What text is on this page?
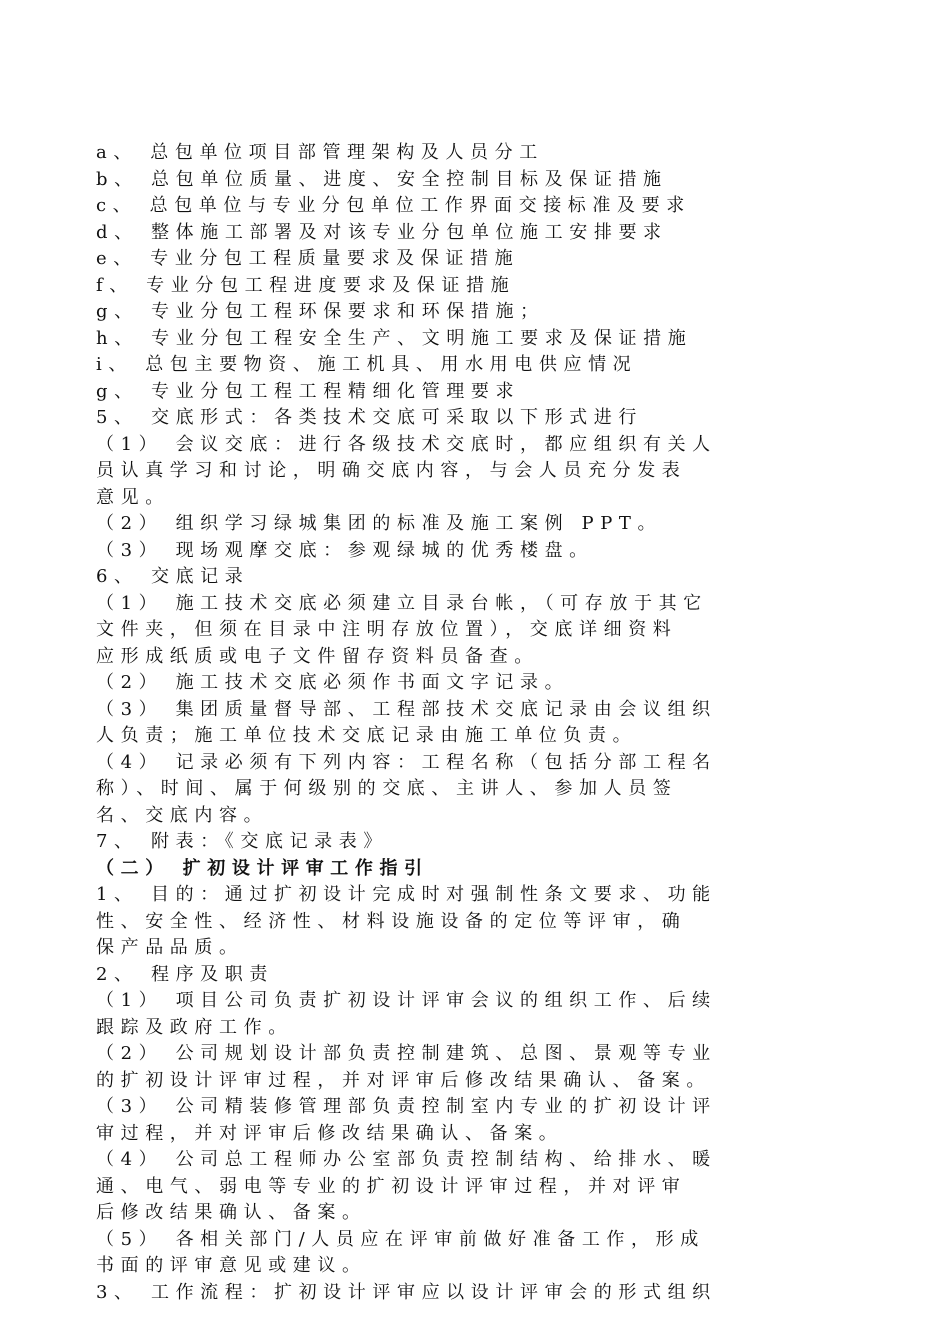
a、 总包单位项目部管理架构及人员分工
b、 总包单位质量、进度、安全控制目标及保证措施
c、 总包单位与专业分包单位工作界面交接标准及要求
d、 整体施工部署及对该专业分包单位施工安排要求
e、 专业分包工程质量要求及保证措施
f、 专业分包工程进度要求及保证措施
g、 专业分包工程环保要求和环保措施；
h、 专业分包工程安全生产、文明施工要求及保证措施
i、 总包主要物资、施工机具、用水用电供应情况
g、 专业分包工程工程精细化管理要求
5、 交底形式：各类技术交底可采取以下形式进行
（1） 会议交底：进行各级技术交底时，都应组织有关人
员认真学习和讨论，明确交底内容，与会人员充分发表
意见。
（2） 组织学习绿城集团的标准及施工案例 PPT。
（3） 现场观摩交底：参观绿城的优秀楼盘。
6、 交底记录
（1） 施工技术交底必须建立目录台帐，（可存放于其它
文件夹，但须在目录中注明存放位置），交底详细资料
应形成纸质或电子文件留存资料员备查。
（2） 施工技术交底必须作书面文字记录。
（3） 集团质量督导部、工程部技术交底记录由会议组织
人负责；施工单位技术交底记录由施工单位负责。
（4） 记录必须有下列内容：工程名称（包括分部工程名
称）、时间、属于何级别的交底、主讲人、参加人员签
名、交底内容。
7、 附表：《交底记录表》
（二） 扩初设计评审工作指引
1、 目的：通过扩初设计完成时对强制性条文要求、功能
性、安全性、经济性、材料设施设备的定位等评审，确
保产品品质。
2、 程序及职责
（1） 项目公司负责扩初设计评审会议的组织工作、后续
跟踪及政府工作。
（2） 公司规划设计部负责控制建筑、总图、景观等专业
的扩初设计评审过程，并对评审后修改结果确认、备案。
（3） 公司精装修管理部负责控制室内专业的扩初设计评
审过程，并对评审后修改结果确认、备案。
（4） 公司总工程师办公室部负责控制结构、给排水、暖
通、电气、弱电等专业的扩初设计评审过程，并对评审
后修改结果确认、备案。
（5） 各相关部门/人员应在评审前做好准备工作，形成
书面的评审意见或建议。
3、 工作流程：扩初设计评审应以设计评审会的形式组织
